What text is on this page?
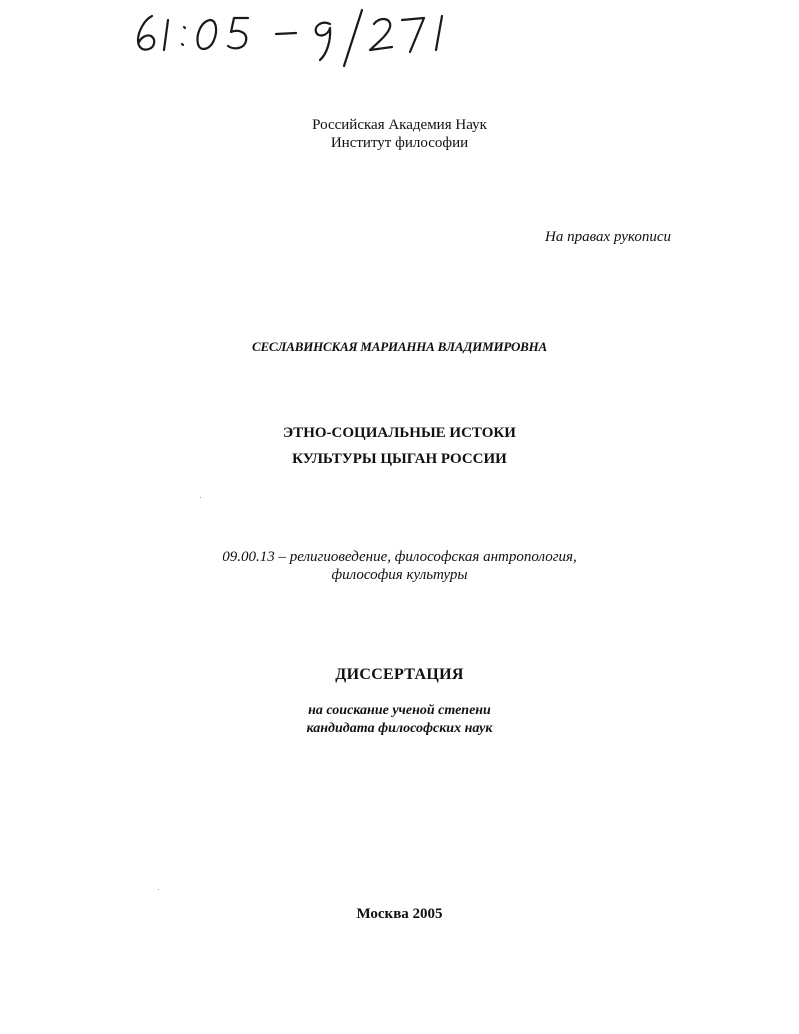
Российская Академия Наук
Институт философии

На правах рукописи

СЕСЛАВИНСКАЯ МАРИАННА ВЛАДИМИРОВНА

ЭТНО-СОЦИАЛЬНЫЕ ИСТОКИ
КУЛЬТУРЫ ЦЫГАН РОССИИ

09.00.13 – религиоведение, философская антропология,
философия культуры

ДИССЕРТАЦИЯ

на соискание ученой степени
кандидата философских наук

Москва 2005
